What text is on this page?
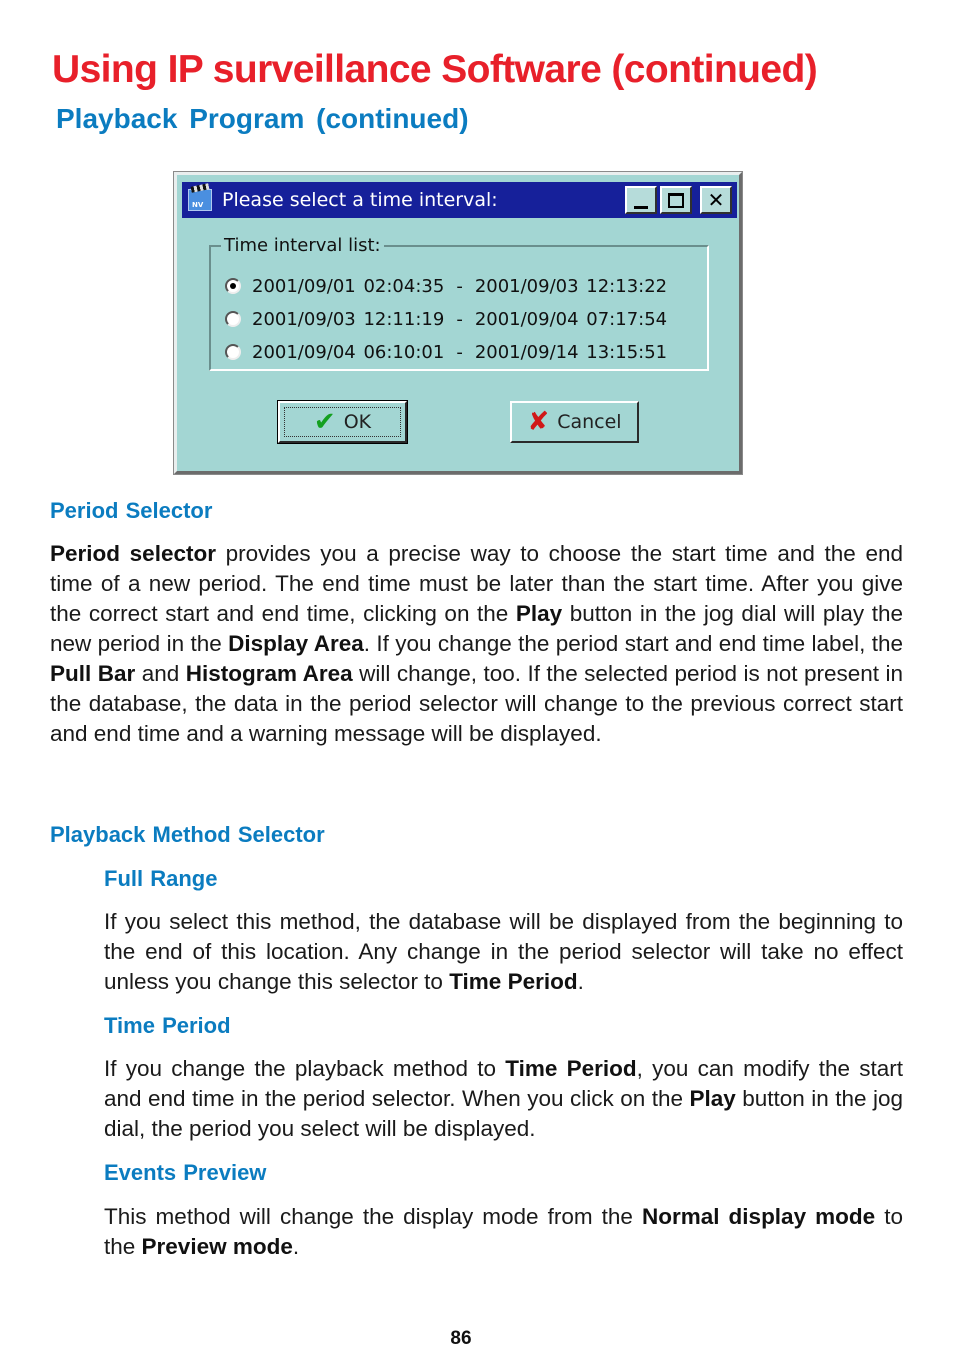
Using IP surveillance Software (continued)
Playback Program (continued)
NV Please select a time interval:	✕
Time interval list:
2001/09/01 02:04:35 - 2001/09/03 12:13:22
2001/09/03 12:11:19 - 2001/09/04 07:17:54
2001/09/04 06:10:01 - 2001/09/14 13:15:51
✔ OK	✘ Cancel
Period Selector

Period selector provides you a precise way to choose the start time and the end time of a new period. The end time must be later than the start time. After you give the correct start and end time, clicking on the Play button in the jog dial will play the new period in the Display Area. If you change the period start and end time label, the Pull Bar and Histogram Area will change, too. If the selected period is not present in the database, the data in the period selector will change to the previous correct start and end time and a warning message will be displayed.

Playback Method Selector
Full Range

If you select this method, the database will be displayed from the beginning to the end of this location. Any change in the period selector will take no effect unless you change this selector to Time Period.

Time Period

If you change the playback method to Time Period, you can modify the start and end time in the period selector. When you click on the Play button in the jog dial, the period you select will be displayed.

Events Preview

This method will change the display mode from the Normal display mode to the Preview mode.

86
